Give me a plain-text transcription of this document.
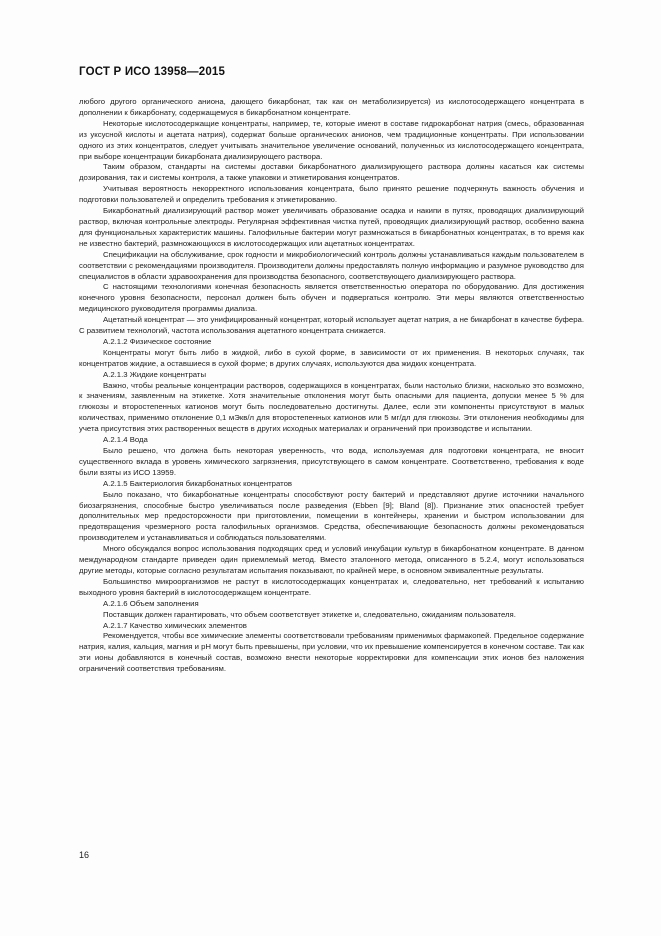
ГОСТ Р ИСО 13958—2015

любого другого органического аниона, дающего бикарбонат, так как он метаболизируется) из кислотосодержащего концентрата в дополнении к бикарбонату, содержащемуся в бикарбонатном концентрате.

Некоторые кислотосодержащие концентраты, например, те, которые имеют в составе гидрокарбонат натрия (смесь, образованная из уксусной кислоты и ацетата натрия), содержат больше органических анионов, чем традиционные концентраты. При использовании одного из этих концентратов, следует учитывать значительное увеличение оснований, полученных из кислотосодержащего концентрата, при выборе концентрации бикарбоната диализирующего раствора.

Таким образом, стандарты на системы доставки бикарбонатного диализирующего раствора должны касаться как системы дозирования, так и системы контроля, а также упаковки и этикетирования концентратов.

Учитывая вероятность некорректного использования концентрата, было принято решение подчеркнуть важность обучения и подготовки пользователей и определить требования к этикетированию.

Бикарбонатный диализирующий раствор может увеличивать образование осадка и накипи в путях, проводящих диализирующий раствор, включая контрольные электроды. Регулярная эффективная чистка путей, проводящих диализирующий раствор, особенно важна для функциональных характеристик машины. Галофильные бактерии могут размножаться в бикарбонатных концентратах, в то время как не известно бактерий, размножающихся в кислотосодержащих или ацетатных концентратах.

Спецификации на обслуживание, срок годности и микробиологический контроль должны устанавливаться каждым пользователем в соответствии с рекомендациями производителя. Производители должны предоставлять полную информацию и разумное руководство для специалистов в области здравоохранения для производства безопасного, соответствующего диализирующего раствора.

С настоящими технологиями конечная безопасность является ответственностью оператора по оборудованию. Для достижения конечного уровня безопасности, персонал должен быть обучен и подвергаться контролю. Эти меры являются ответственностью медицинского руководителя программы диализа.

Ацетатный концентрат — это унифицированный концентрат, который использует ацетат натрия, а не бикарбонат в качестве буфера. С развитием технологий, частота использования ацетатного концентрата снижается.

А.2.1.2 Физическое состояние

Концентраты могут быть либо в жидкой, либо в сухой форме, в зависимости от их применения. В некоторых случаях, так концентратов жидкие, а оставшиеся в сухой форме; в других случаях, используются два жидких концентрата.

А.2.1.3 Жидкие концентраты

Важно, чтобы реальные концентрации растворов, содержащихся в концентратах, были настолько близки, насколько это возможно, к значениям, заявленным на этикетке. Хотя значительные отклонения могут быть опасными для пациента, допуски менее 5 % для глюкозы и второстепенных катионов могут быть последовательно достигнуты. Далее, если эти компоненты присутствуют в малых количествах, применимо отклонение 0,1 мЭкв/л для второстепенных катионов или 5 мг/дл для глюкозы. Эти отклонения необходимы для учета присутствия этих растворенных веществ в других исходных материалах и ограничений при производстве и испытании.

А.2.1.4 Вода

Было решено, что должна быть некоторая уверенность, что вода, используемая для подготовки концентрата, не вносит существенного вклада в уровень химического загрязнения, присутствующего в самом концентрате. Соответственно, требования к воде были взяты из ИСО 13959.

А.2.1.5 Бактериология бикарбонатных концентратов

Было показано, что бикарбонатные концентраты способствуют росту бактерий и представляют другие источники начального биозагрязнения, способные быстро увеличиваться после разведения (Ebben [9]; Bland [8]). Признание этих опасностей требует дополнительных мер предосторожности при приготовлении, помещении в контейнеры, хранении и быстром использовании для предотвращения чрезмерного роста галофильных организмов. Средства, обеспечивающие безопасность должны рекомендоваться производителем и устанавливаться и соблюдаться пользователями.

Много обсуждался вопрос использования подходящих сред и условий инкубации культур в бикарбонатном концентрате. В данном международном стандарте приведен один приемлемый метод. Вместо эталонного метода, описанного в 5.2.4, могут использоваться другие методы, которые согласно результатам испытания показывают, по крайней мере, в основном эквивалентные результаты.

Большинство микроорганизмов не растут в кислотосодержащих концентратах и, следовательно, нет требований к испытанию выходного уровня бактерий в кислотосодержащем концентрате.

А.2.1.6 Объем заполнения

Поставщик должен гарантировать, что объем соответствует этикетке и, следовательно, ожиданиям пользователя.

А.2.1.7 Качество химических элементов

Рекомендуется, чтобы все химические элементы соответствовали требованиям применимых фармакопей. Предельное содержание натрия, калия, кальция, магния и pH могут быть превышены, при условии, что их превышение компенсируется в конечном составе. Так как эти ионы добавляются в конечный состав, возможно внести некоторые корректировки для компенсации этих ионов без наложения ограничений соответствия требованиям.

16
